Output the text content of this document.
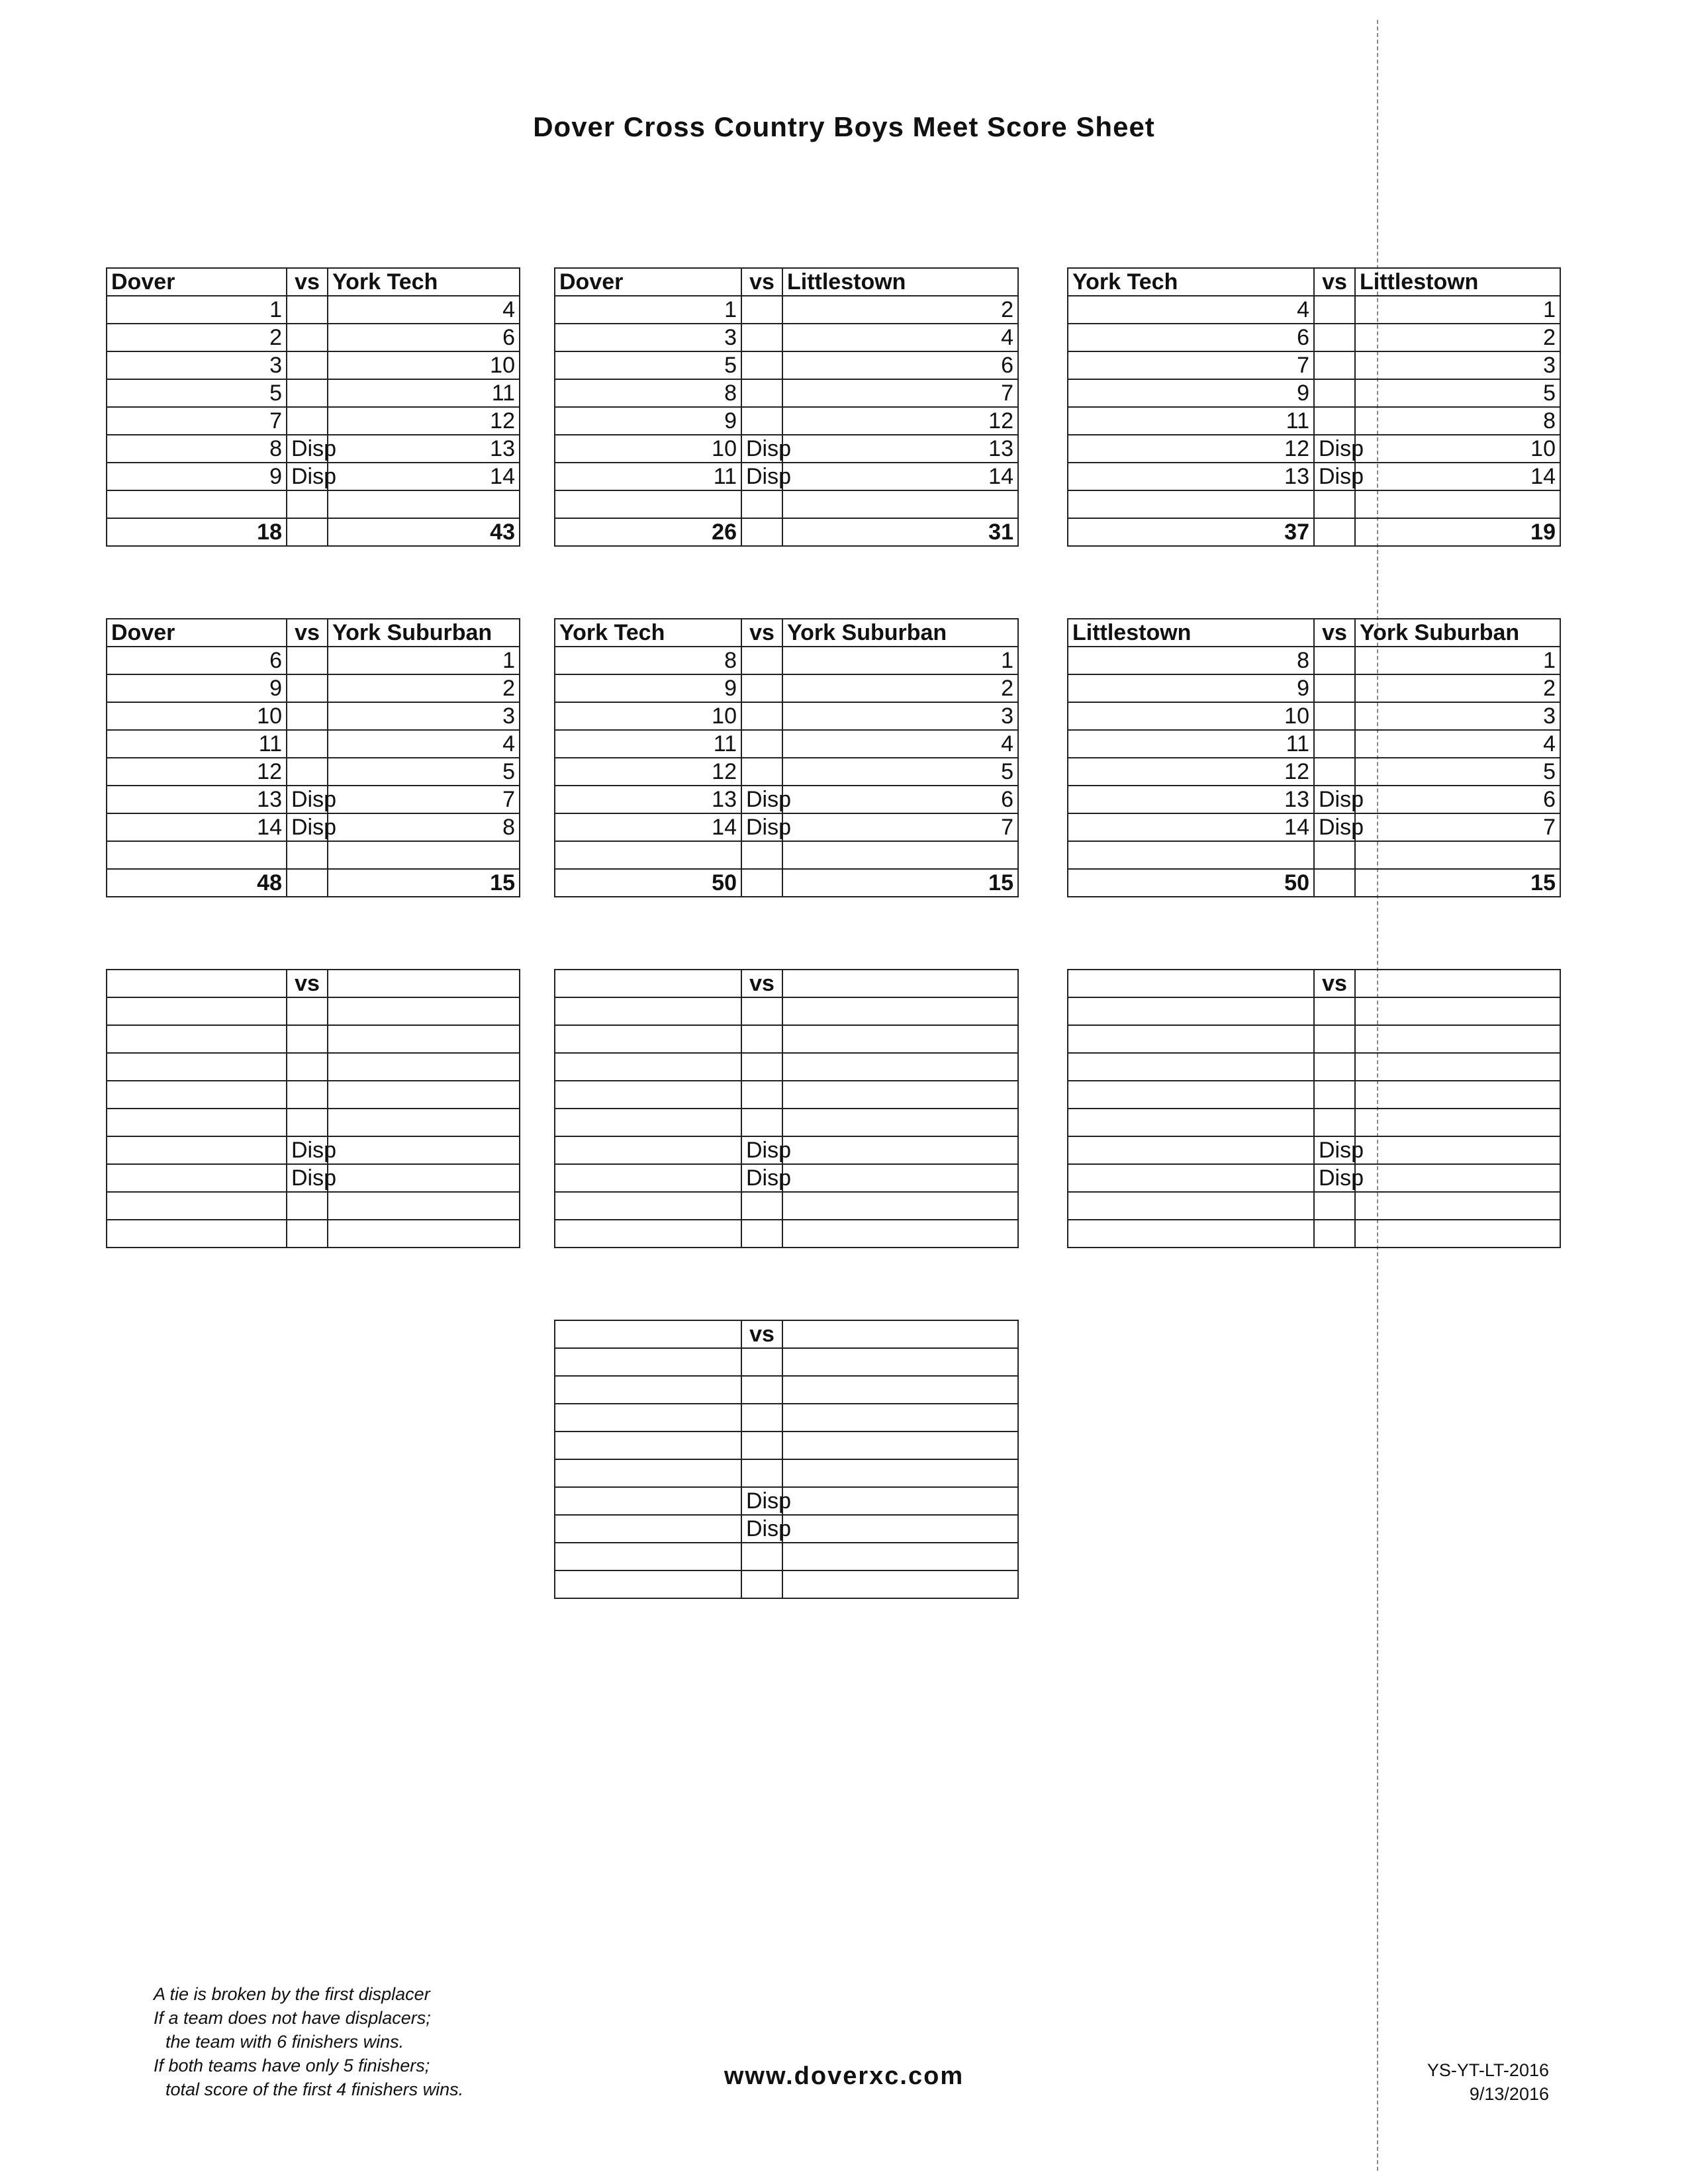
Dover Cross Country Boys Meet Score Sheet
Dover	vs	York Tech
1		4
2		6
3		10
5		11
7		12
8	Disp	13
9	Disp	14

18		43
Dover	vs	Littlestown
1		2
3		4
5		6
8		7
9		12
10	Disp	13
11	Disp	14

26		31
York Tech	vs	Littlestown
4		1
6		2
7		3
9		5
11		8
12	Disp	10
13	Disp	14

37		19
Dover	vs	York Suburban
6		1
9		2
10		3
11		4
12		5
13	Disp	7
14	Disp	8

48		15
York Tech	vs	York Suburban
8		1
9		2
10		3
11		4
12		5
13	Disp	6
14	Disp	7

50		15
Littlestown	vs	York Suburban
8		1
9		2
10		3
11		4
12		5
13	Disp	6
14	Disp	7

50		15
	vs	

	Disp	
	Disp	

	vs	

	Disp	
	Disp	

	vs	

	Disp	
	Disp	

	vs	

	Disp	
	Disp	

A tie is broken by the first displacer
If a team does not have displacers;
the team with 6 finishers wins.
If both teams have only 5 finishers;
total score of the first 4 finishers wins.	www.doverxc.com	YS-YT-LT-2016
9/13/2016
